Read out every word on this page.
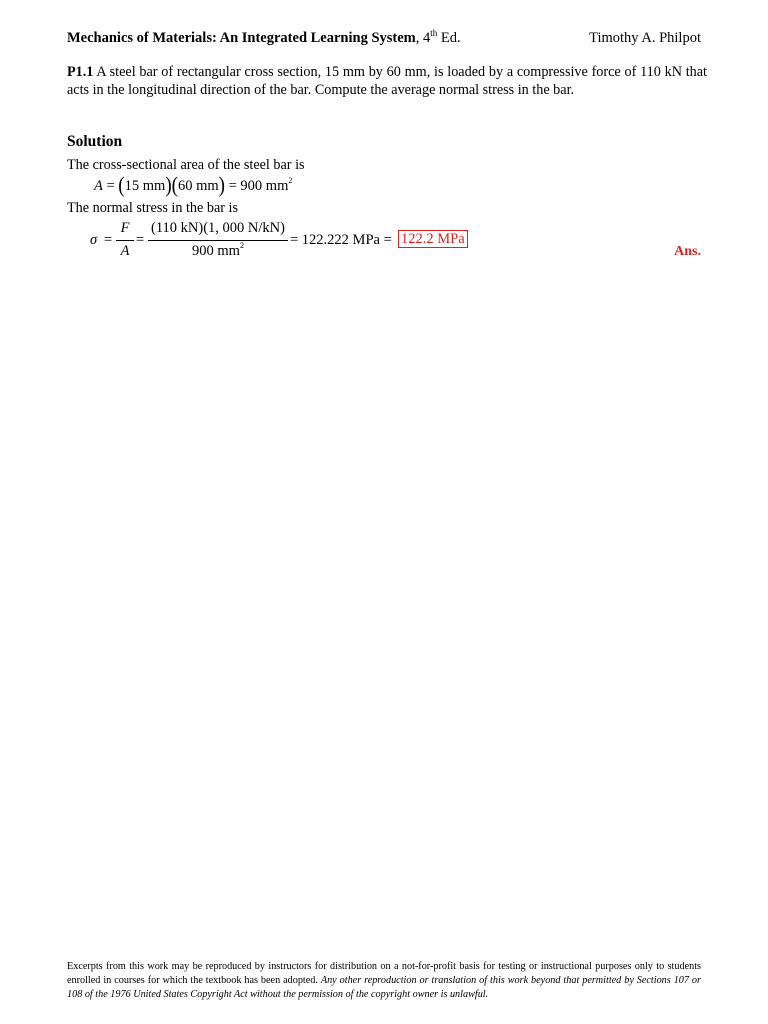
Mechanics of Materials: An Integrated Learning System, 4th Ed.	Timothy A. Philpot
P1.1 A steel bar of rectangular cross section, 15 mm by 60 mm, is loaded by a compressive force of 110 kN that acts in the longitudinal direction of the bar. Compute the average normal stress in the bar.
Solution
The cross-sectional area of the steel bar is
A = (15 mm)(60 mm) = 900 $mm^2$
The normal stress in the bar is
σ =
F
A
=
(110 kN)(1, 000 N/kN)
900 $mm^2$	= 122.222 MPa = 122.2 MPa
Ans.
Excerpts from this work may be reproduced by instructors for distribution on a not-for-profit basis for testing or instructional purposes only to students enrolled in courses for which the textbook has been adopted. Any other reproduction or translation of this work beyond that permitted by Sections 107 or 108 of the 1976 United States Copyright Act without the permission of the copyright owner is unlawful.
